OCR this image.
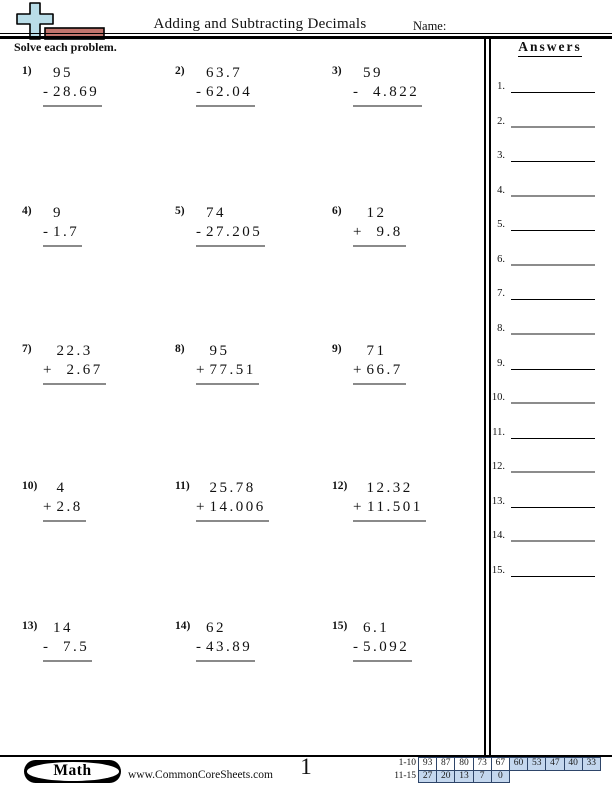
Adding and Subtracting Decimals	Name:
Solve each problem.
1)	95
- 28 .69
2)	63 .7
- 62 .04
3)	59
-	4 .822
4)	9
- 1 .7
5)	74
- 27 .205
6)	12
+	9 .8
7)	22 .3
+	2 .67
8)	95
+ 77 .51
9)	71
+ 66 .7
10)	4
+ 2 .8
11)	25 .78
+ 14 .006
12)	12 .32
+ 11 .501
13)	14
-	7 .5
14)	62
- 43 .89
15)	6 .1
- 5 .092
Answers
1.
2.
3.
4.
5.
6.
7.
8.
9.
10.
11.
12.
13.
14.
15.
Math	www.CommonCoreSheets.com 1	1-10 93 87 80 73 67 60 53 47 40 33
11-15 27 20 13	7	0
